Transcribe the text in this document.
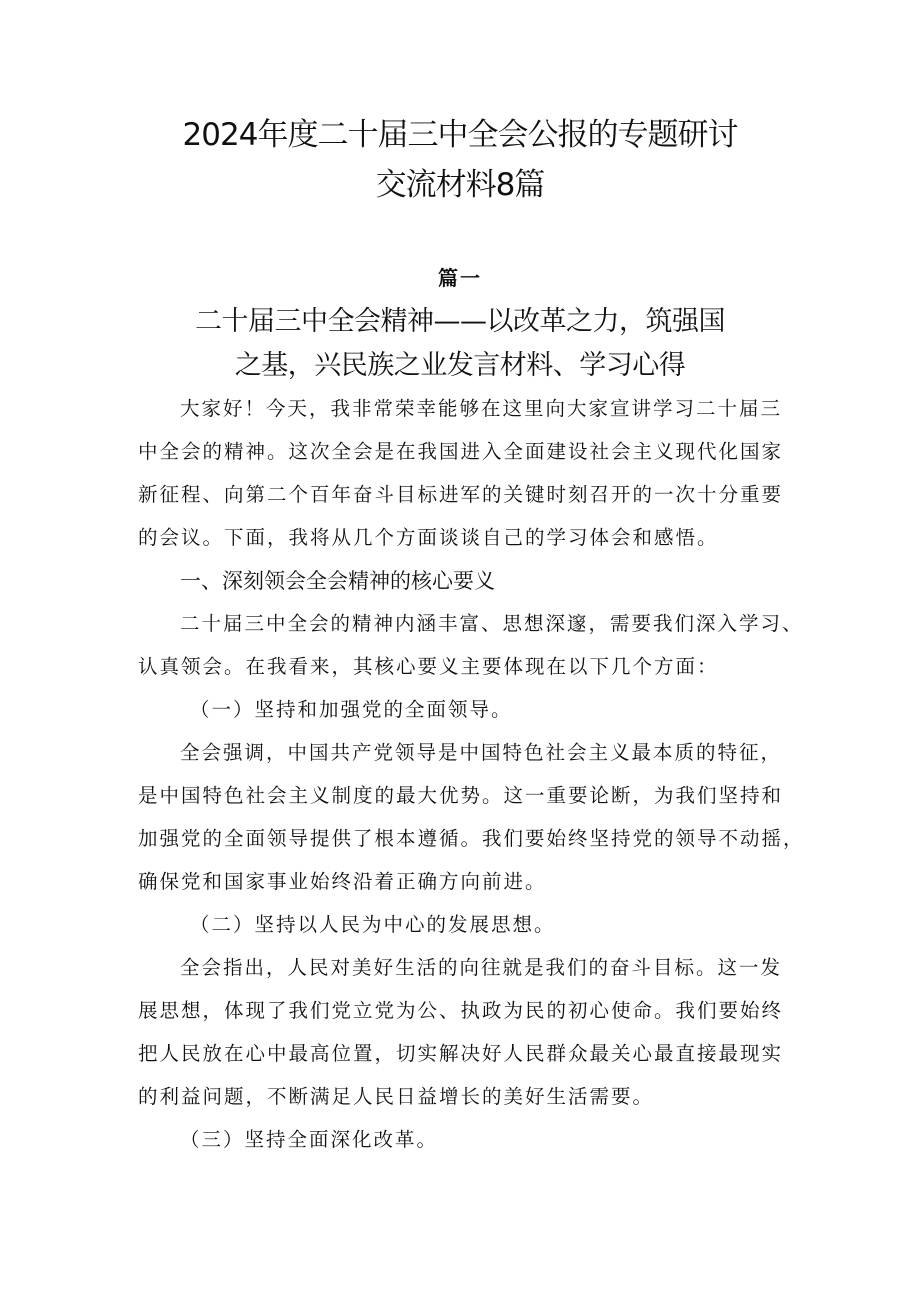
2024年度二十届三中全会公报的专题研讨
交流材料8篇
篇一
二十届三中全会精神——以改革之力，筑强国
之基，兴民族之业发言材料、学习心得
大家好！今天，我非常荣幸能够在这里向大家宣讲学习二十届三
中全会的精神。这次全会是在我国进入全面建设社会主义现代化国家
新征程、向第二个百年奋斗目标进军的关键时刻召开的一次十分重要
的会议。下面，我将从几个方面谈谈自己的学习体会和感悟。
一、深刻领会全会精神的核心要义
二十届三中全会的精神内涵丰富、思想深邃，需要我们深入学习、
认真领会。在我看来，其核心要义主要体现在以下几个方面：
（一）坚持和加强党的全面领导。
全会强调，中国共产党领导是中国特色社会主义最本质的特征，
是中国特色社会主义制度的最大优势。这一重要论断，为我们坚持和
加强党的全面领导提供了根本遵循。我们要始终坚持党的领导不动摇，
确保党和国家事业始终沿着正确方向前进。
（二）坚持以人民为中心的发展思想。
全会指出，人民对美好生活的向往就是我们的奋斗目标。这一发
展思想，体现了我们党立党为公、执政为民的初心使命。我们要始终
把人民放在心中最高位置，切实解决好人民群众最关心最直接最现实
的利益问题，不断满足人民日益增长的美好生活需要。
（三）坚持全面深化改革。
